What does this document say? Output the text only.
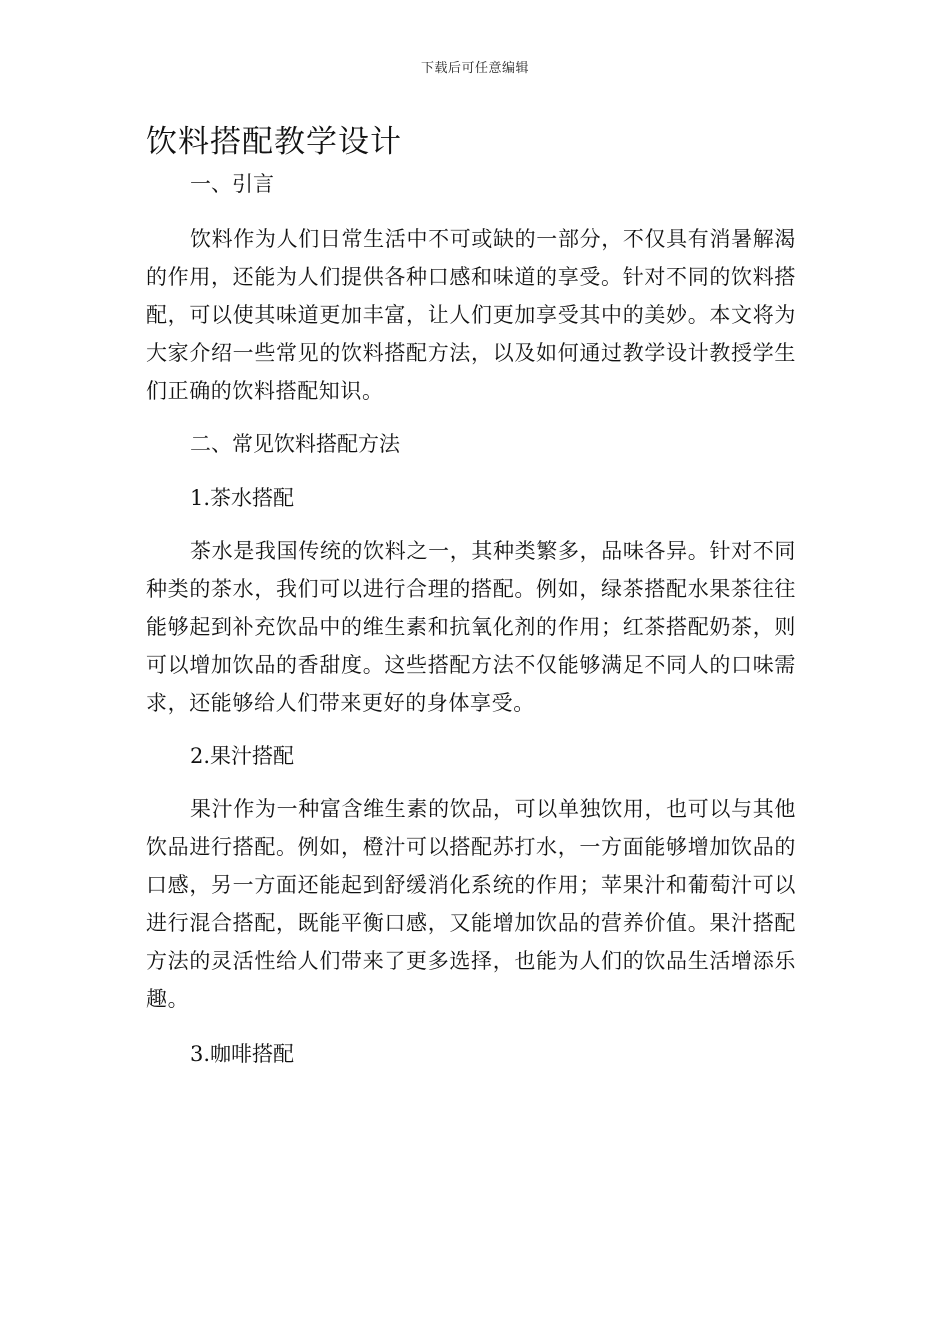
下载后可任意编辑
饮料搭配教学设计

一、引言

饮料作为人们日常生活中不可或缺的一部分，不仅具有消暑解渴的作用，还能为人们提供各种口感和味道的享受。针对不同的饮料搭配，可以使其味道更加丰富，让人们更加享受其中的美妙。本文将为大家介绍一些常见的饮料搭配方法，以及如何通过教学设计教授学生们正确的饮料搭配知识。

二、常见饮料搭配方法

1.茶水搭配

茶水是我国传统的饮料之一，其种类繁多，品味各异。针对不同种类的茶水，我们可以进行合理的搭配。例如，绿茶搭配水果茶往往能够起到补充饮品中的维生素和抗氧化剂的作用；红茶搭配奶茶，则可以增加饮品的香甜度。这些搭配方法不仅能够满足不同人的口味需求，还能够给人们带来更好的身体享受。

2.果汁搭配

果汁作为一种富含维生素的饮品，可以单独饮用，也可以与其他饮品进行搭配。例如，橙汁可以搭配苏打水，一方面能够增加饮品的口感，另一方面还能起到舒缓消化系统的作用；苹果汁和葡萄汁可以进行混合搭配，既能平衡口感，又能增加饮品的营养价值。果汁搭配方法的灵活性给人们带来了更多选择，也能为人们的饮品生活增添乐趣。

3.咖啡搭配
